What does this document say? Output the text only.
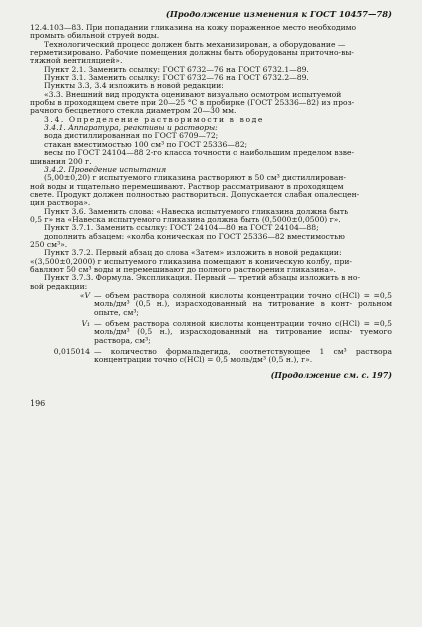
(Продолжение изменения к ГОСТ 10457—78)

12.4.103—83. При попадании гликазина на кожу пораженное место необходимо

промыть обильной струей воды.

Технологический процесс должен быть механизирован, а оборудование —

герметизировано. Рабочие помещения должны быть оборудованы приточно-вы-

тяжной вентиляцией».

Пункт 2.1. Заменить ссылку: ГОСТ 6732—76 на ГОСТ 6732.1—89.

Пункт 3.1. Заменить ссылку: ГОСТ 6732—76 на ГОСТ 6732.2—89.

Пункты 3.3, 3.4 изложить в новой редакции:

«3.3. Внешний вид продукта оценивают визуально осмотром испытуемой

пробы в проходящем свете при 20—25 °С в пробирке (ГОСТ 25336—82) из проз-

рачного бесцветного стекла диаметром 20—30 мм.

3.4. Определение растворимости в воде

3.4.1. Аппаратура, реактивы и растворы:

вода дистиллированная по ГОСТ 6709—72;

стакан вместимостью 100 см³ по ГОСТ 25336—82;

весы по ГОСТ 24104—88 2-го класса точности с наибольшим пределом взве-

шивания 200 г.

3.4.2. Проведение испытания

(5,00±0,20) г испытуемого гликазина растворяют в 50 см³ дистиллирован-

ной воды и тщательно перемешивают. Раствор рассматривают в проходящем

свете. Продукт должен полностью раствориться. Допускается слабая опалесцен-

ция раствора».

Пункт 3.6. Заменить слова: «Навеска испытуемого гликазина должна быть

0,5 г» на «Навеска испытуемого гликазина должна быть (0,5000±0,0500) г».

Пункт 3.7.1. Заменить ссылку: ГОСТ 24104—80 на ГОСТ 24104—88;

дополнить абзацем: «колба коническая по ГОСТ 25336—82 вместимостью

250 см³».

Пункт 3.7.2. Первый абзац до слова «Затем» изложить в новой редакции:

«(3,500±0,2000) г испытуемого гликазина помещают в коническую колбу, при-

бавляют 50 см³ воды и перемешивают до полного растворения гликазина».

Пункт 3.7.3. Формула. Экспликация. Первый — третий абзацы изложить в но-

вой редакции:

«V — объем раствора соляной кислоты концентрации точно c(HCl) = =0,5 моль/дм³ (0,5 н.), израсходованный на титрование в конт- рольном опыте, см³;
V₁ — объем раствора соляной кислоты концентрации точно c(HCl) = =0,5 моль/дм³ (0,5 н.), израсходованный на титрование испы- туемого раствора, см³;
0,015014 — количество формальдегида, соответствующее 1 см³ раствора концентрации точно c(HCl) = 0,5 моль/дм³ (0,5 н.), г».
(Продолжение см. с. 197)
196
